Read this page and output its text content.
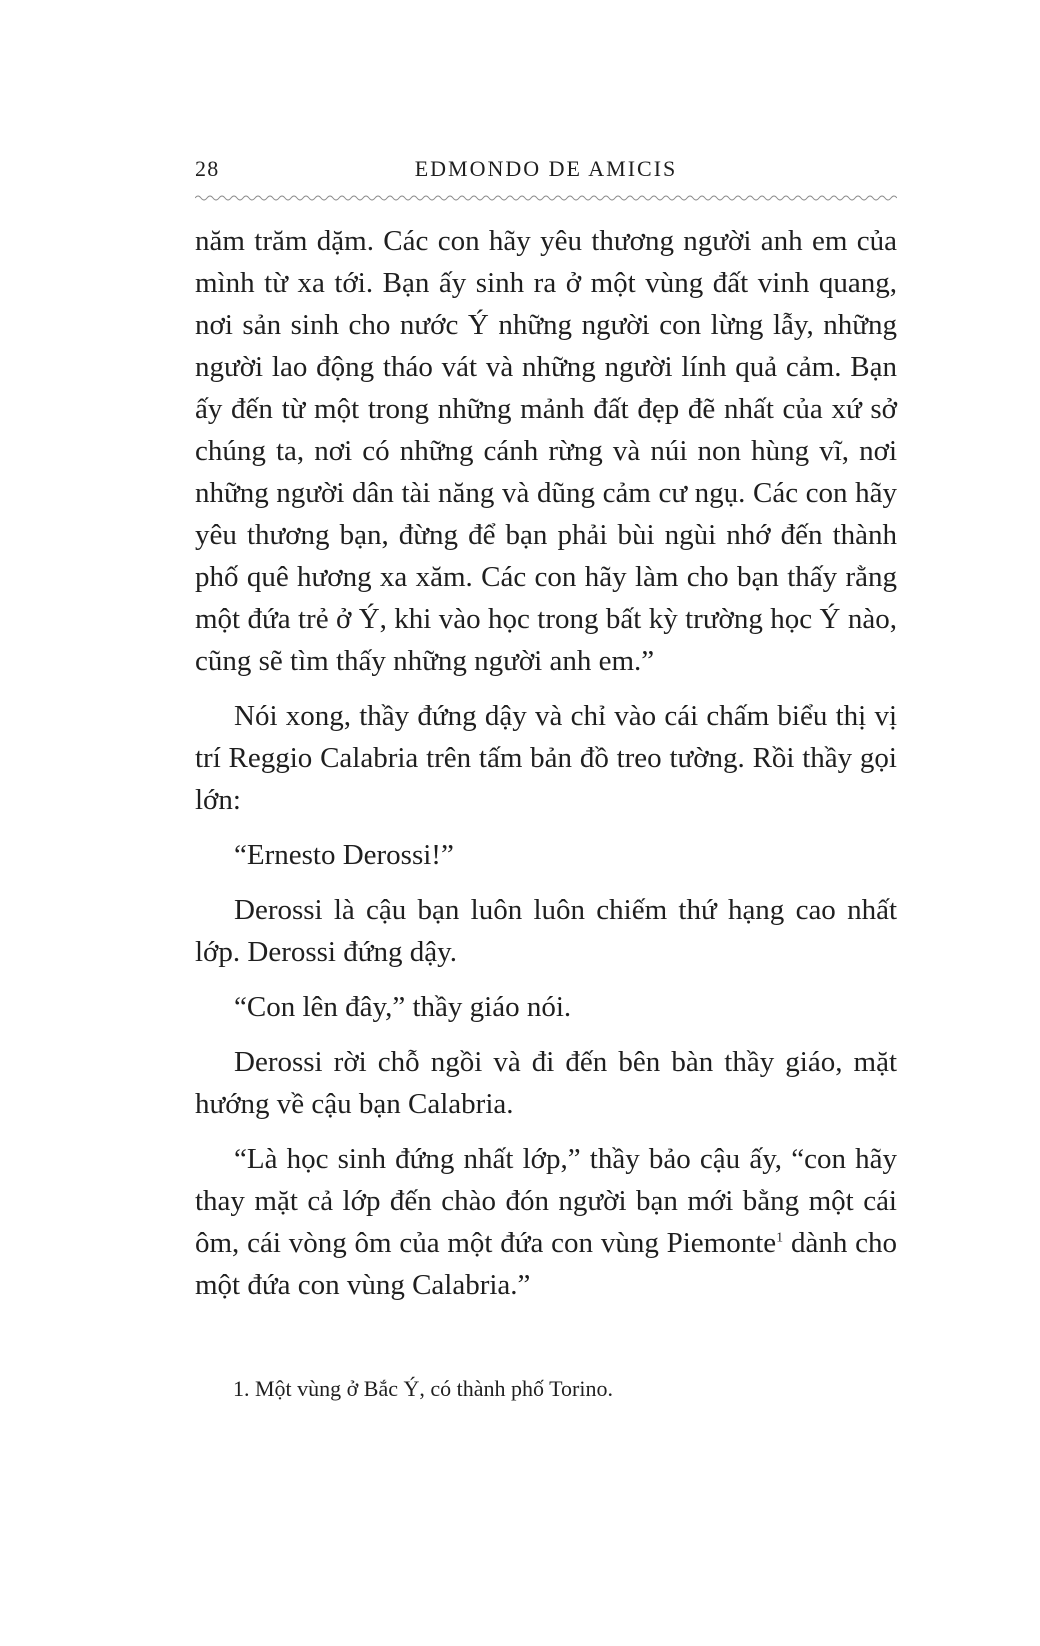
28	EDMONDO DE AMICIS

năm trăm dặm. Các con hãy yêu thương người anh em của mình từ xa tới. Bạn ấy sinh ra ở một vùng đất vinh quang, nơi sản sinh cho nước Ý những người con lừng lẫy, những người lao động tháo vát và những người lính quả cảm. Bạn ấy đến từ một trong những mảnh đất đẹp đẽ nhất của xứ sở chúng ta, nơi có những cánh rừng và núi non hùng vĩ, nơi những người dân tài năng và dũng cảm cư ngụ. Các con hãy yêu thương bạn, đừng để bạn phải bùi ngùi nhớ đến thành phố quê hương xa xăm. Các con hãy làm cho bạn thấy rằng một đứa trẻ ở Ý, khi vào học trong bất kỳ trường học Ý nào, cũng sẽ tìm thấy những người anh em.”

Nói xong, thầy đứng dậy và chỉ vào cái chấm biểu thị vị trí Reggio Calabria trên tấm bản đồ treo tường. Rồi thầy gọi lớn:

“Ernesto Derossi!”

Derossi là cậu bạn luôn luôn chiếm thứ hạng cao nhất lớp. Derossi đứng dậy.

“Con lên đây,” thầy giáo nói.

Derossi rời chỗ ngồi và đi đến bên bàn thầy giáo, mặt hướng về cậu bạn Calabria.

“Là học sinh đứng nhất lớp,” thầy bảo cậu ấy, “con hãy thay mặt cả lớp đến chào đón người bạn mới bằng một cái ôm, cái vòng ôm của một đứa con vùng Piemonte$^1$ dành cho một đứa con vùng Calabria.”

1. Một vùng ở Bắc Ý, có thành phố Torino.
